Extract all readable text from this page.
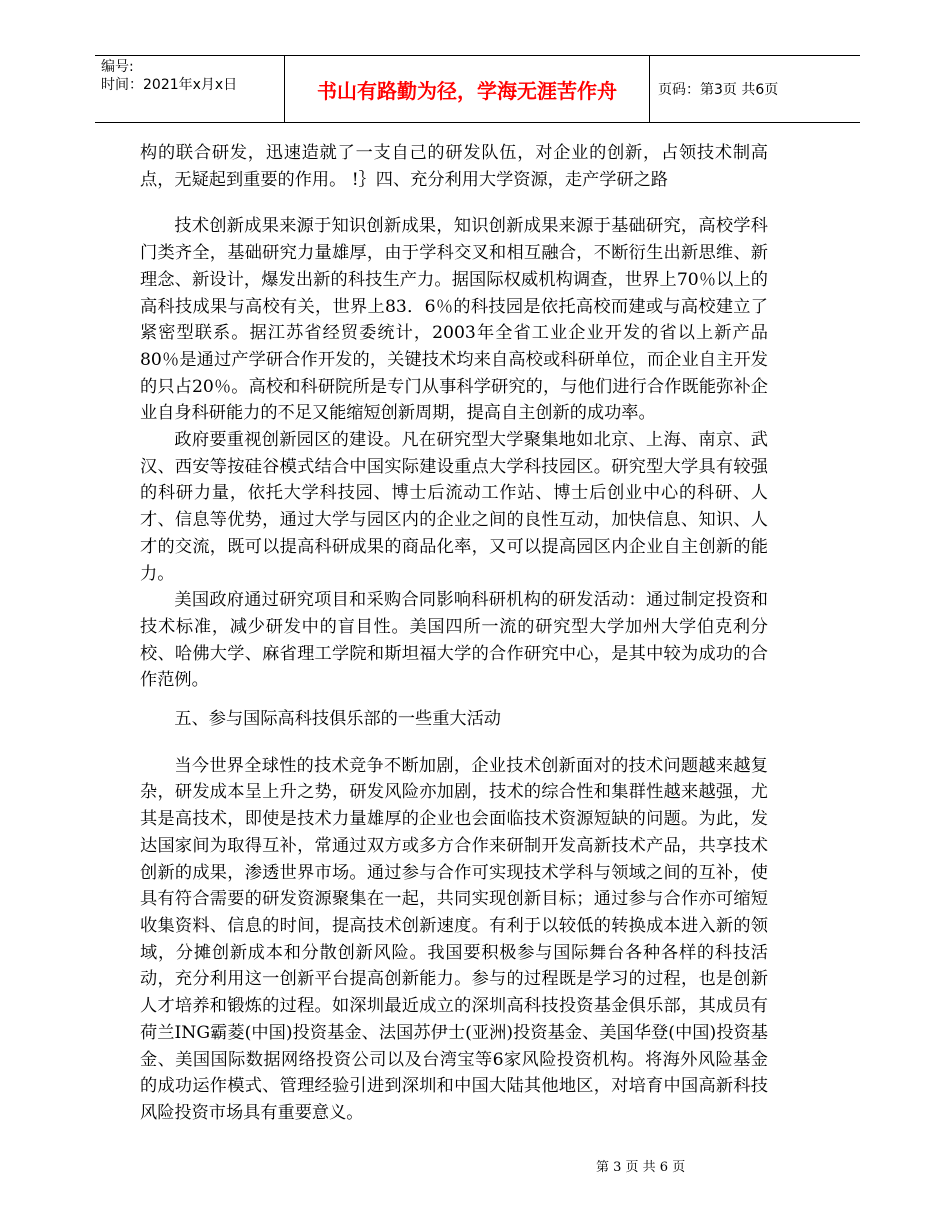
编号:
时间：2021年x月x日	书山有路勤为径，学海无涯苦作舟	页码：第3页 共6页

构的联合研发，迅速造就了一支自己的研发队伍，对企业的创新，占领技术制高点，无疑起到重要的作用。 !｝四、充分利用大学资源，走产学研之路

技术创新成果来源于知识创新成果，知识创新成果来源于基础研究，高校学科门类齐全，基础研究力量雄厚，由于学科交叉和相互融合，不断衍生出新思维、新理念、新设计，爆发出新的科技生产力。据国际权威机构调查，世界上70％以上的高科技成果与高校有关，世界上83．6％的科技园是依托高校而建或与高校建立了紧密型联系。据江苏省经贸委统计，2003年全省工业企业开发的省以上新产品80％是通过产学研合作开发的，关键技术均来自高校或科研单位，而企业自主开发的只占20％。高校和科研院所是专门从事科学研究的，与他们进行合作既能弥补企业自身科研能力的不足又能缩短创新周期，提高自主创新的成功率。

政府要重视创新园区的建设。凡在研究型大学聚集地如北京、上海、南京、武汉、西安等按硅谷模式结合中国实际建设重点大学科技园区。研究型大学具有较强的科研力量，依托大学科技园、博士后流动工作站、博士后创业中心的科研、人才、信息等优势，通过大学与园区内的企业之间的良性互动，加快信息、知识、人才的交流，既可以提高科研成果的商品化率，又可以提高园区内企业自主创新的能力。

美国政府通过研究项目和采购合同影响科研机构的研发活动：通过制定投资和技术标准，减少研发中的盲目性。美国四所一流的研究型大学加州大学伯克利分校、哈佛大学、麻省理工学院和斯坦福大学的合作研究中心，是其中较为成功的合作范例。

五、参与国际高科技俱乐部的一些重大活动

当今世界全球性的技术竞争不断加剧，企业技术创新面对的技术问题越来越复杂，研发成本呈上升之势，研发风险亦加剧，技术的综合性和集群性越来越强，尤其是高技术，即使是技术力量雄厚的企业也会面临技术资源短缺的问题。为此，发达国家间为取得互补，常通过双方或多方合作来研制开发高新技术产品，共享技术创新的成果，渗透世界市场。通过参与合作可实现技术学科与领域之间的互补，使具有符合需要的研发资源聚集在一起，共同实现创新目标；通过参与合作亦可缩短收集资料、信息的时间，提高技术创新速度。有利于以较低的转换成本进入新的领域，分摊创新成本和分散创新风险。我国要积极参与国际舞台各种各样的科技活动，充分利用这一创新平台提高创新能力。参与的过程既是学习的过程，也是创新人才培养和锻炼的过程。如深圳最近成立的深圳高科技投资基金俱乐部，其成员有荷兰ING霸菱(中国)投资基金、法国苏伊士(亚洲)投资基金、美国华登(中国)投资基金、美国国际数据网络投资公司以及台湾宝等6家风险投资机构。将海外风险基金的成功运作模式、管理经验引进到深圳和中国大陆其他地区，对培育中国高新科技风险投资市场具有重要意义。

第 3 页 共 6 页
